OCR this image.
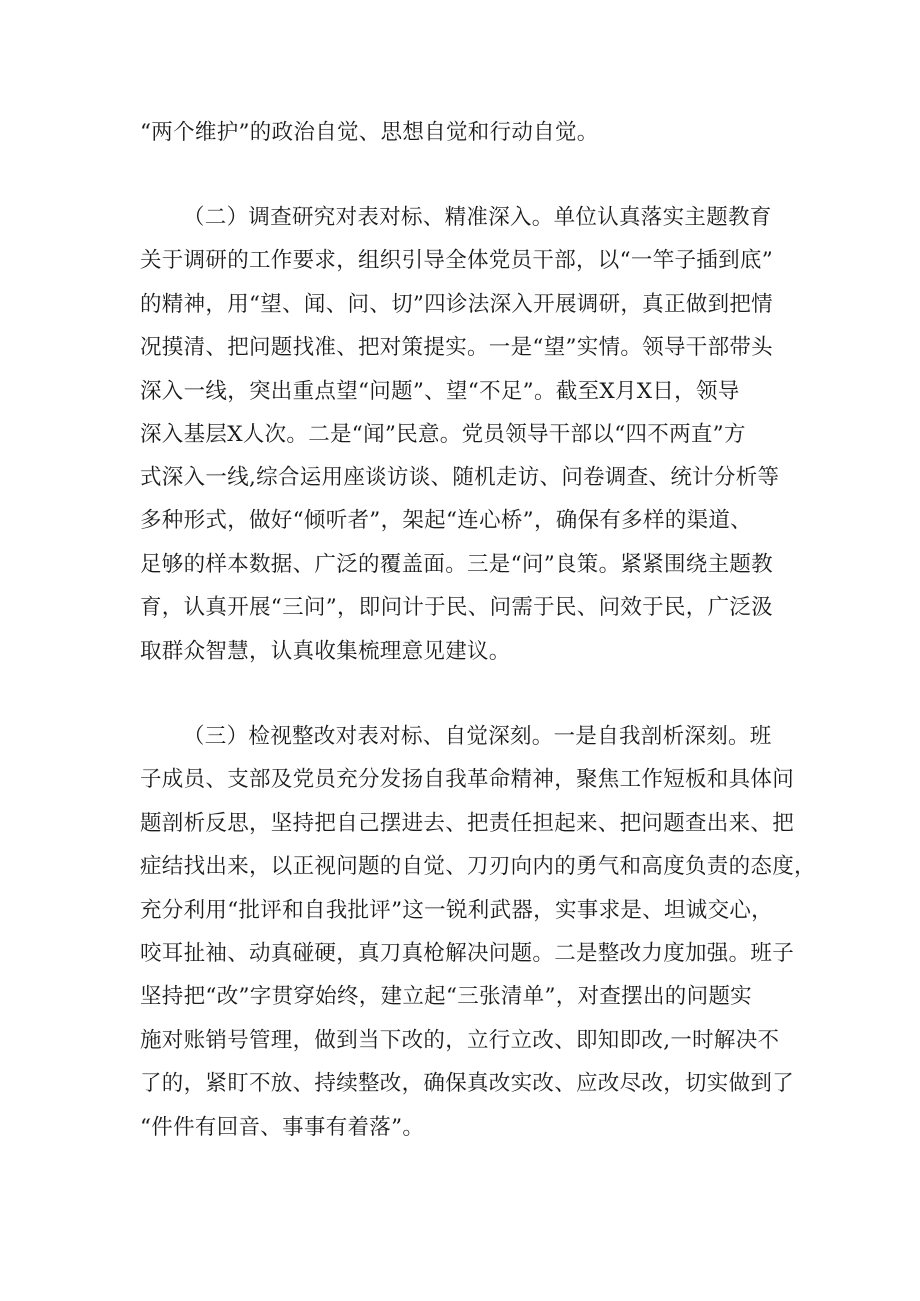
“两个维护”的政治自觉、思想自觉和行动自觉。
（二）调查研究对表对标、精准深入。单位认真落实主题教育
关于调研的工作要求，组织引导全体党员干部，以“一竿子插到底”
的精神，用“望、闻、问、切”四诊法深入开展调研，真正做到把情
况摸清、把问题找准、把对策提实。一是“望”实情。领导干部带头
深入一线，突出重点望“问题”、望“不足”。截至X月X日，领导
深入基层X人次。二是“闻”民意。党员领导干部以“四不两直”方
式深入一线,综合运用座谈访谈、随机走访、问卷调查、统计分析等
多种形式，做好“倾听者”，架起“连心桥”，确保有多样的渠道、
足够的样本数据、广泛的覆盖面。三是“问”良策。紧紧围绕主题教
育，认真开展“三问”，即问计于民、问需于民、问效于民，广泛汲
取群众智慧，认真收集梳理意见建议。
（三）检视整改对表对标、自觉深刻。一是自我剖析深刻。班
子成员、支部及党员充分发扬自我革命精神，聚焦工作短板和具体问
题剖析反思，坚持把自己摆进去、把责任担起来、把问题查出来、把
症结找出来，以正视问题的自觉、刀刃向内的勇气和高度负责的态度，
充分利用“批评和自我批评”这一锐利武器，实事求是、坦诚交心，
咬耳扯袖、动真碰硬，真刀真枪解决问题。二是整改力度加强。班子
坚持把“改”字贯穿始终，建立起“三张清单”，对查摆出的问题实
施对账销号管理，做到当下改的，立行立改、即知即改,一时解决不
了的，紧盯不放、持续整改，确保真改实改、应改尽改，切实做到了
“件件有回音、事事有着落”。
